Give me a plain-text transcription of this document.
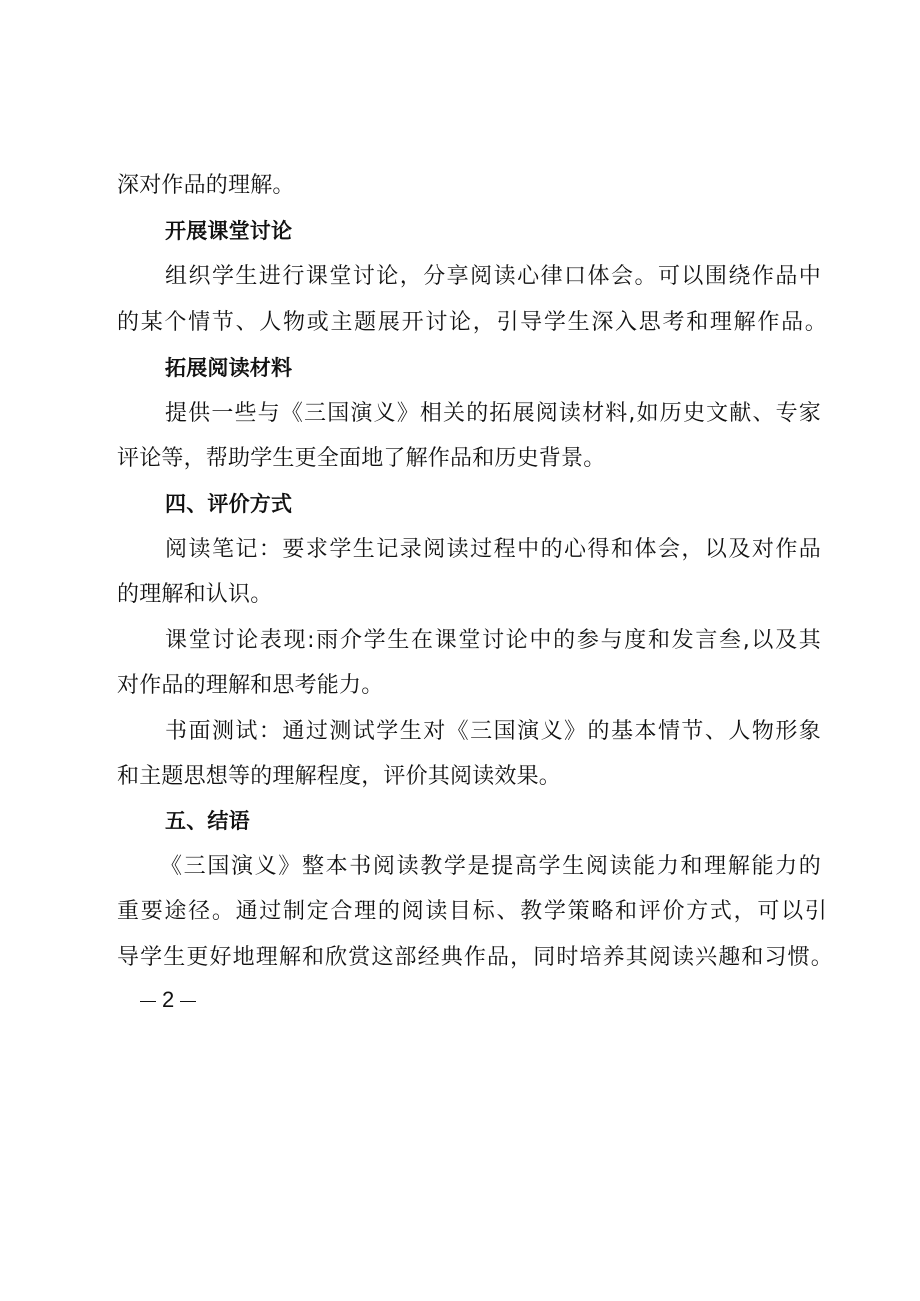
深对作品的理解。
开展课堂讨论
组织学生进行课堂讨论，分享阅读心律口体会。可以围绕作品中
的某个情节、人物或主题展开讨论，引导学生深入思考和理解作品。
拓展阅读材料
提供一些与《三国演义》相关的拓展阅读材料,如历史文献、专家
评论等，帮助学生更全面地了解作品和历史背景。
四、评价方式
阅读笔记：要求学生记录阅读过程中的心得和体会，以及对作品
的理解和认识。
课堂讨论表现:雨介学生在课堂讨论中的参与度和发言叁,以及其
对作品的理解和思考能力。
书面测试：通过测试学生对《三国演义》的基本情节、人物形象
和主题思想等的理解程度，评价其阅读效果。
五、结语
《三国演义》整本书阅读教学是提高学生阅读能力和理解能力的
重要途径。通过制定合理的阅读目标、教学策略和评价方式，可以引
导学生更好地理解和欣赏这部经典作品，同时培养其阅读兴趣和习惯。
2
